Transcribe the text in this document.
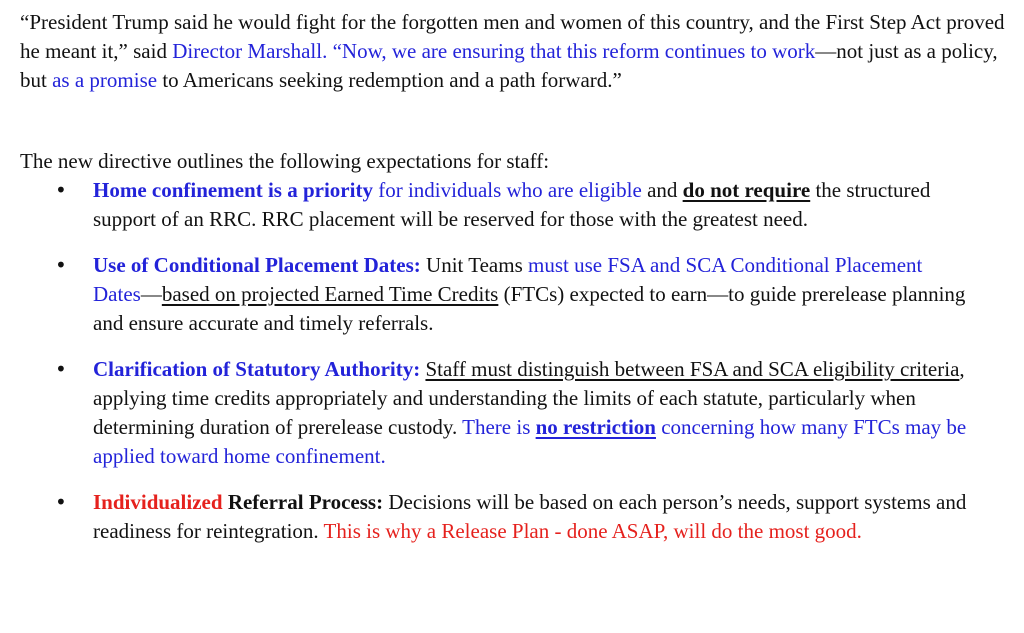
“President Trump said he would fight for the forgotten men and women of this country, and the First Step Act proved he meant it,” said Director Marshall. “Now, we are ensuring that this reform continues to work—not just as a policy, but as a promise to Americans seeking redemption and a path forward.”

The new directive outlines the following expectations for staff:

• Home confinement is a priority for individuals who are eligible and do not require the structured support of an RRC. RRC placement will be reserved for those with the greatest need.
• Use of Conditional Placement Dates: Unit Teams must use FSA and SCA Conditional Placement Dates—based on projected Earned Time Credits (FTCs) expected to earn—to guide prerelease planning and ensure accurate and timely referrals.
• Clarification of Statutory Authority: Staff must distinguish between FSA and SCA eligibility criteria, applying time credits appropriately and understanding the limits of each statute, particularly when determining duration of prerelease custody. There is no restriction concerning how many FTCs may be applied toward home confinement.
• Individualized Referral Process: Decisions will be based on each person’s needs, support systems and readiness for reintegration. This is why a Release Plan - done ASAP, will do the most good.
